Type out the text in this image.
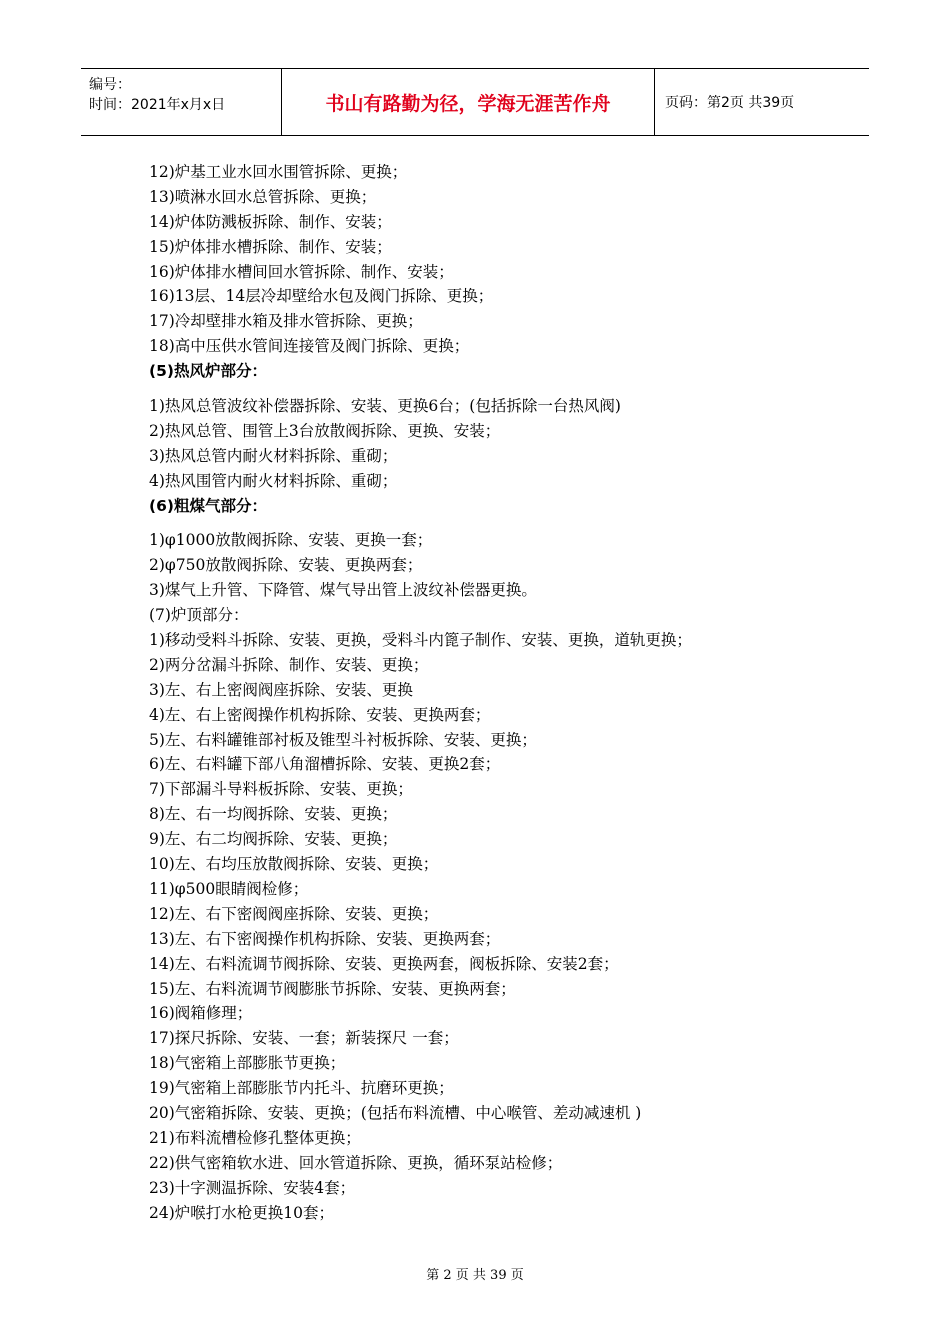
编号：
时间：2021年x月x日	书山有路勤为径，学海无涯苦作舟	页码：第2页 共39页
12)炉基工业水回水围管拆除、更换；
13)喷淋水回水总管拆除、更换；
14)炉体防溅板拆除、制作、安装；
15)炉体排水槽拆除、制作、安装；
16)炉体排水槽间回水管拆除、制作、安装；
16)13层、14层冷却壁给水包及阀门拆除、更换；
17)冷却壁排水箱及排水管拆除、更换；
18)高中压供水管间连接管及阀门拆除、更换；
(5)热风炉部分：
1)热风总管波纹补偿器拆除、安装、更换6台；(包括拆除一台热风阀)
2)热风总管、围管上3台放散阀拆除、更换、安装；
3)热风总管内耐火材料拆除、重砌；
4)热风围管内耐火材料拆除、重砌；
(6)粗煤气部分：
1)φ1000放散阀拆除、安装、更换一套；
2)φ750放散阀拆除、安装、更换两套；
3)煤气上升管、下降管、煤气导出管上波纹补偿器更换。
(7)炉顶部分：
1)移动受料斗拆除、安装、更换，受料斗内篦子制作、安装、更换，道轨更换；
2)两分岔漏斗拆除、制作、安装、更换；
3)左、右上密阀阀座拆除、安装、更换
4)左、右上密阀操作机构拆除、安装、更换两套；
5)左、右料罐锥部衬板及锥型斗衬板拆除、安装、更换；
6)左、右料罐下部八角溜槽拆除、安装、更换2套；
7)下部漏斗导料板拆除、安装、更换；
8)左、右一均阀拆除、安装、更换；
9)左、右二均阀拆除、安装、更换；
10)左、右均压放散阀拆除、安装、更换；
11)φ500眼睛阀检修；
12)左、右下密阀阀座拆除、安装、更换；
13)左、右下密阀操作机构拆除、安装、更换两套；
14)左、右料流调节阀拆除、安装、更换两套，阀板拆除、安装2套；
15)左、右料流调节阀膨胀节拆除、安装、更换两套；
16)阀箱修理；
17)探尺拆除、安装、一套；新装探尺 一套；
18)气密箱上部膨胀节更换；
19)气密箱上部膨胀节内托斗、抗磨环更换；
20)气密箱拆除、安装、更换；(包括布料流槽、中心喉管、差动减速机 )
21)布料流槽检修孔整体更换；
22)供气密箱软水进、回水管道拆除、更换，循环泵站检修；
23)十字测温拆除、安装4套；
24)炉喉打水枪更换10套；
第 2 页 共 39 页
